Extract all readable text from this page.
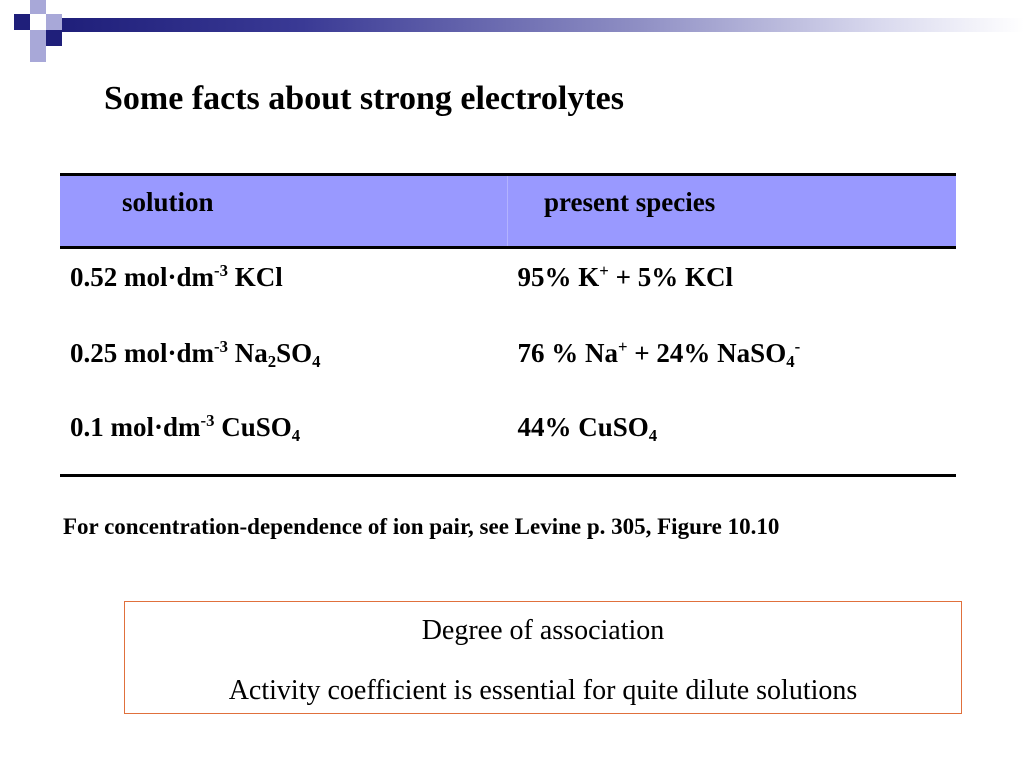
Some facts about strong electrolytes
solution	present species

0.52 $mol\cdot dm^{-3}$ KCl	95% K+ + 5% KCl
0.25 $mol\cdot dm^{-3}$ $Na_2SO_4$	76 % Na+ + 24% NaSO$_4$-
0.1 $mol\cdot dm^{-3}$ CuSO$_4$	44% CuSO$_4$
For concentration-dependence of ion pair, see Levine p. 305, Figure 10.10
Degree of association
Activity coefficient is essential for quite dilute solutions
